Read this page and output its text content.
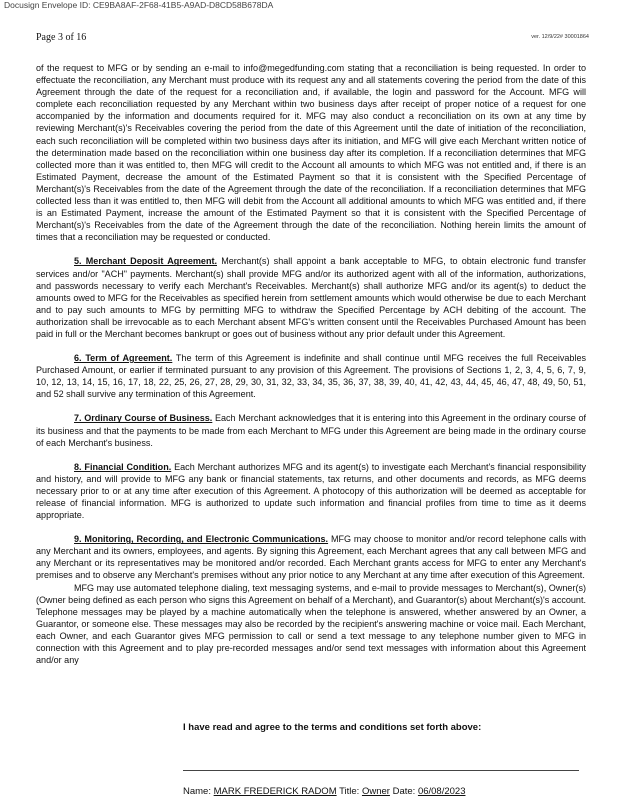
Docusign Envelope ID: CE9BA8AF-2F68-41B5-A9AD-D8CD58B678DA
Page 3 of 16	ver. 12/9/22# 30001864

of the request to MFG or by sending an e-mail to info@megedfunding.com stating that a reconciliation is being requested. In order to effectuate the reconciliation, any Merchant must produce with its request any and all statements covering the period from the date of this Agreement through the date of the request for a reconciliation and, if available, the login and password for the Account. MFG will complete each reconciliation requested by any Merchant within two business days after receipt of proper notice of a request for one accompanied by the information and documents required for it. MFG may also conduct a reconciliation on its own at any time by reviewing Merchant(s)'s Receivables covering the period from the date of this Agreement until the date of initiation of the reconciliation, each such reconciliation will be completed within two business days after its initiation, and MFG will give each Merchant written notice of the determination made based on the reconciliation within one business day after its completion. If a reconciliation determines that MFG collected more than it was entitled to, then MFG will credit to the Account all amounts to which MFG was not entitled and, if there is an Estimated Payment, decrease the amount of the Estimated Payment so that it is consistent with the Specified Percentage of Merchant(s)'s Receivables from the date of the Agreement through the date of the reconciliation. If a reconciliation determines that MFG collected less than it was entitled to, then MFG will debit from the Account all additional amounts to which MFG was entitled and, if there is an Estimated Payment, increase the amount of the Estimated Payment so that it is consistent with the Specified Percentage of Merchant(s)'s Receivables from the date of the Agreement through the date of the reconciliation. Nothing herein limits the amount of times that a reconciliation may be requested or conducted.

5. Merchant Deposit Agreement. Merchant(s) shall appoint a bank acceptable to MFG, to obtain electronic fund transfer services and/or "ACH" payments. Merchant(s) shall provide MFG and/or its authorized agent with all of the information, authorizations, and passwords necessary to verify each Merchant's Receivables. Merchant(s) shall authorize MFG and/or its agent(s) to deduct the amounts owed to MFG for the Receivables as specified herein from settlement amounts which would otherwise be due to each Merchant and to pay such amounts to MFG by permitting MFG to withdraw the Specified Percentage by ACH debiting of the account. The authorization shall be irrevocable as to each Merchant absent MFG's written consent until the Receivables Purchased Amount has been paid in full or the Merchant becomes bankrupt or goes out of business without any prior default under this Agreement.

6. Term of Agreement. The term of this Agreement is indefinite and shall continue until MFG receives the full Receivables Purchased Amount, or earlier if terminated pursuant to any provision of this Agreement. The provisions of Sections 1, 2, 3, 4, 5, 6, 7, 9, 10, 12, 13, 14, 15, 16, 17, 18, 22, 25, 26, 27, 28, 29, 30, 31, 32, 33, 34, 35, 36, 37, 38, 39, 40, 41, 42, 43, 44, 45, 46, 47, 48, 49, 50, 51, and 52 shall survive any termination of this Agreement.

7. Ordinary Course of Business. Each Merchant acknowledges that it is entering into this Agreement in the ordinary course of its business and that the payments to be made from each Merchant to MFG under this Agreement are being made in the ordinary course of each Merchant's business.

8. Financial Condition. Each Merchant authorizes MFG and its agent(s) to investigate each Merchant's financial responsibility and history, and will provide to MFG any bank or financial statements, tax returns, and other documents and records, as MFG deems necessary prior to or at any time after execution of this Agreement. A photocopy of this authorization will be deemed as acceptable for release of financial information. MFG is authorized to update such information and financial profiles from time to time as it deems appropriate.

9. Monitoring, Recording, and Electronic Communications. MFG may choose to monitor and/or record telephone calls with any Merchant and its owners, employees, and agents. By signing this Agreement, each Merchant agrees that any call between MFG and any Merchant or its representatives may be monitored and/or recorded. Each Merchant grants access for MFG to enter any Merchant's premises and to observe any Merchant's premises without any prior notice to any Merchant at any time after execution of this Agreement.

MFG may use automated telephone dialing, text messaging systems, and e-mail to provide messages to Merchant(s), Owner(s) (Owner being defined as each person who signs this Agreement on behalf of a Merchant), and Guarantor(s) about Merchant(s)'s account. Telephone messages may be played by a machine automatically when the telephone is answered, whether answered by an Owner, a Guarantor, or someone else. These messages may also be recorded by the recipient's answering machine or voice mail. Each Merchant, each Owner, and each Guarantor gives MFG permission to call or send a text message to any telephone number given to MFG in connection with this Agreement and to play pre-recorded messages and/or send text messages with information about this Agreement and/or any

I have read and agree to the terms and conditions set forth above:
Name: MARK FREDERICK RADOM Title: Owner Date: 06/08/2023
